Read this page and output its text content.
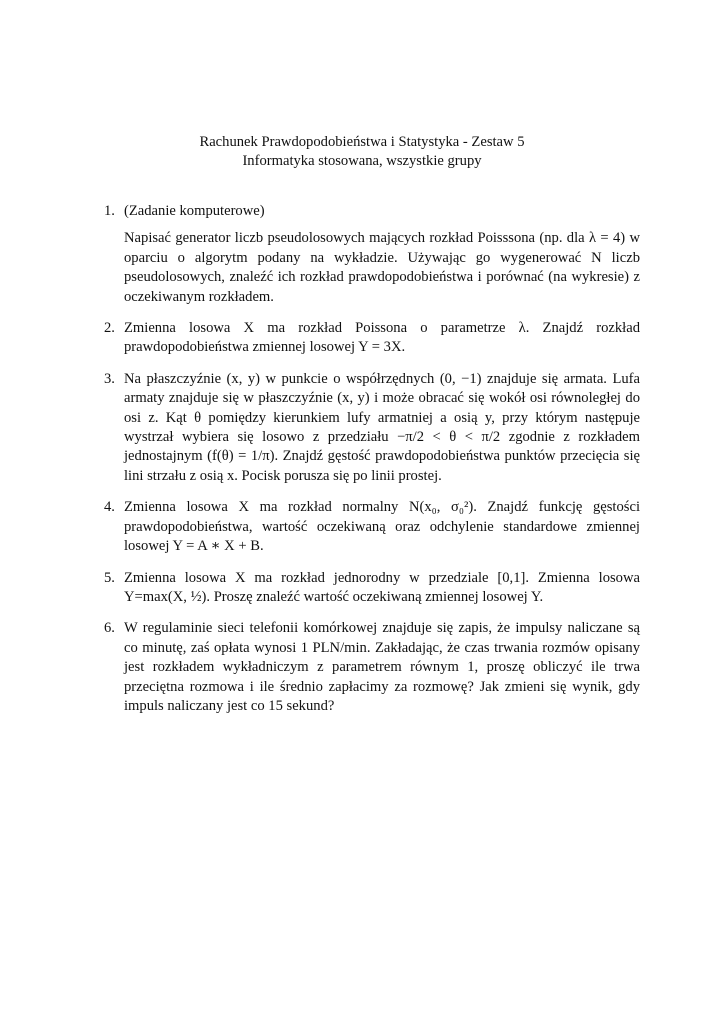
Rachunek Prawdopodobieństwa i Statystyka - Zestaw 5
Informatyka stosowana, wszystkie grupy
1. (Zadanie komputerowe)

Napisać generator liczb pseudolosowych mających rozkład Poisssona (np. dla λ = 4) w oparciu o algorytm podany na wykładzie. Używając go wygenerować N liczb pseudolosowych, znaleźć ich rozkład prawdopodobieństwa i porównać (na wykresie) z oczekiwanym rozkładem.

2. Zmienna losowa X ma rozkład Poissona o parametrze λ. Znajdź rozkład prawdopodobieństwa zmiennej losowej Y = 3X.

3. Na płaszczyźnie (x, y) w punkcie o współrzędnych (0, −1) znajduje się armata. Lufa armaty znajduje się w płaszczyźnie (x, y) i może obracać się wokół osi równoległej do osi z. Kąt θ pomiędzy kierunkiem lufy armatniej a osią y, przy którym następuje wystrzał wybiera się losowo z przedziału −π/2 < θ < π/2 zgodnie z rozkładem jednostajnym (f(θ) = 1/π). Znajdź gęstość prawdopodobieństwa punktów przecięcia się lini strzału z osią x. Pocisk porusza się po linii prostej.

4. Zmienna losowa X ma rozkład normalny N(x₀, σ₀²). Znajdź funkcję gęstości prawdopodobieństwa, wartość oczekiwaną oraz odchylenie standardowe zmiennej losowej Y = A ∗ X + B.

5. Zmienna losowa X ma rozkład jednorodny w przedziale [0,1]. Zmienna losowa Y=max(X, ½). Proszę znaleźć wartość oczekiwaną zmiennej losowej Y.

6. W regulaminie sieci telefonii komórkowej znajduje się zapis, że impulsy naliczane są co minutę, zaś opłata wynosi 1 PLN/min. Zakładając, że czas trwania rozmów opisany jest rozkładem wykładniczym z parametrem równym 1, proszę obliczyć ile trwa przeciętna rozmowa i ile średnio zapłacimy za rozmowę? Jak zmieni się wynik, gdy impuls naliczany jest co 15 sekund?
